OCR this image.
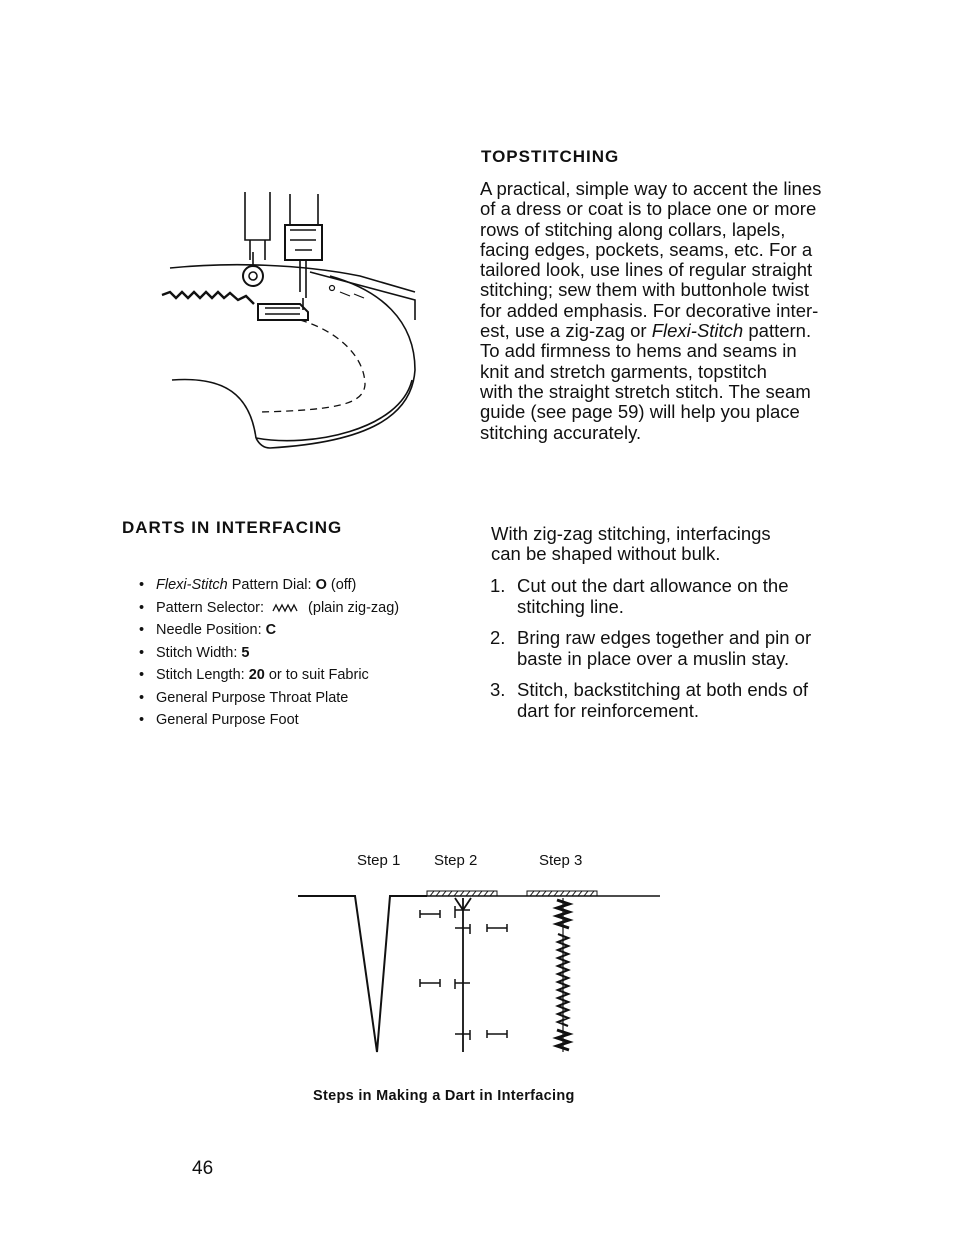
TOPSTITCHING
A practical, simple way to accent the lines
of a dress or coat is to place one or more
rows of stitching along collars, lapels,
facing edges, pockets, seams, etc. For a
tailored look, use lines of regular straight
stitching; sew them with buttonhole twist
for added emphasis. For decorative inter-
est, use a zig-zag or Flexi-Stitch pattern.
To add firmness to hems and seams in
knit and stretch garments, topstitch
with the straight stretch stitch. The seam
guide (see page 59) will help you place
stitching accurately.
DARTS IN INTERFACING
• Flexi-Stitch Pattern Dial: O (off)
• Pattern Selector:  (plain zig-zag)
• Needle Position: C
• Stitch Width: 5
• Stitch Length: 20 or to suit Fabric
• General Purpose Throat Plate
• General Purpose Foot
With zig-zag stitching, interfacings
can be shaped without bulk.
1. Cut out the dart allowance on the stitching line.
2. Bring raw edges together and pin or baste in place over a muslin stay.
3. Stitch, backstitching at both ends of dart for reinforcement.
Step 1 Step 2	Step 3
Steps in Making a Dart in Interfacing
46
